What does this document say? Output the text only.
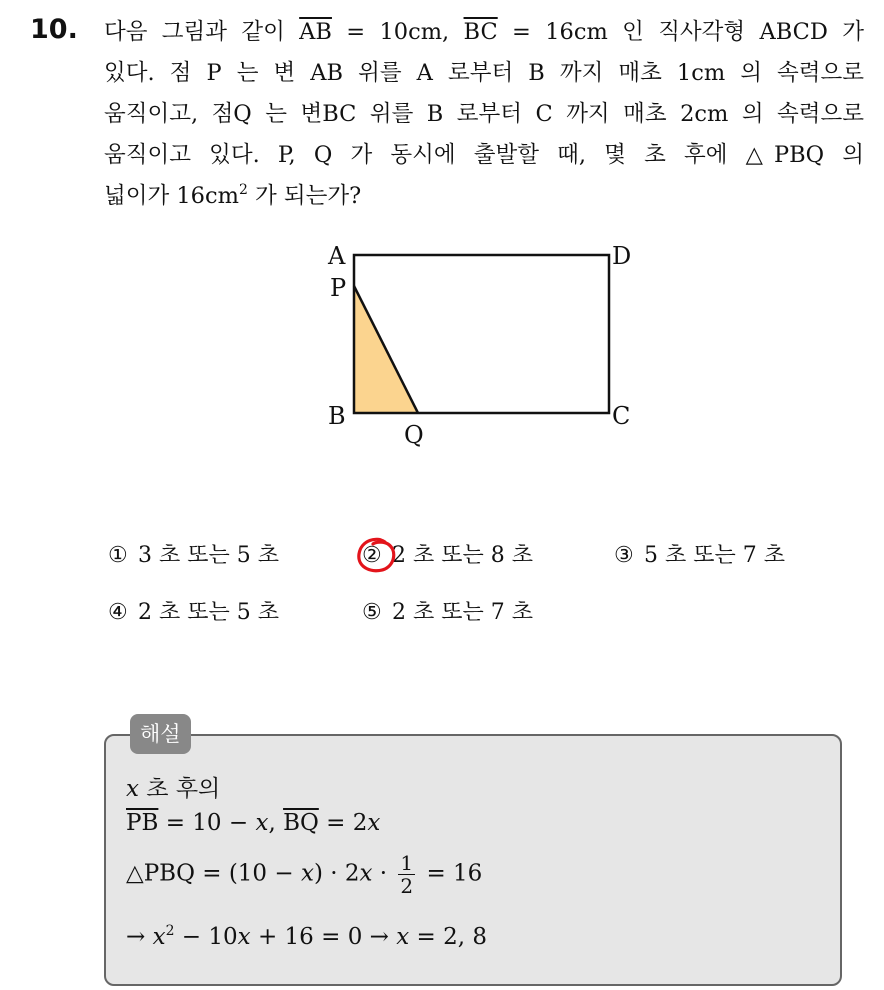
10. 다음 그림과 같이 $\overline{AB} = 10cm$, $\overline{BC} = 16cm$ 인 직사각형 ABCD 가
있다. 점 P 는 변 AB 위를 A 로부터 B 까지 매초 1cm 의 속력으로
움직이고, 점Q 는 변BC 위를 B 로부터 C 까지 매초 2cm 의 속력으로
움직이고 있다. P, Q 가 동시에 출발할 때, 몇 초 후에 △PBQ 의
넓이가 $16cm^2$ 가 되는가?
A
P
B
D
C
Q
① 3 초 또는 5 초	② 2 초 또는 8 초	③ 5 초 또는 7 초
④ 2 초 또는 5 초	⑤ 2 초 또는 7 초
해설
x 초 후의
$\overline{PB} = 10 - x$, $\overline{BQ} = 2x$
△PBQ = $(10 - x) \cdot 2x \cdot \frac{1}{2} = 16$
→ $x^2 - 10x + 16 = 0 \to x = 2$, 8
